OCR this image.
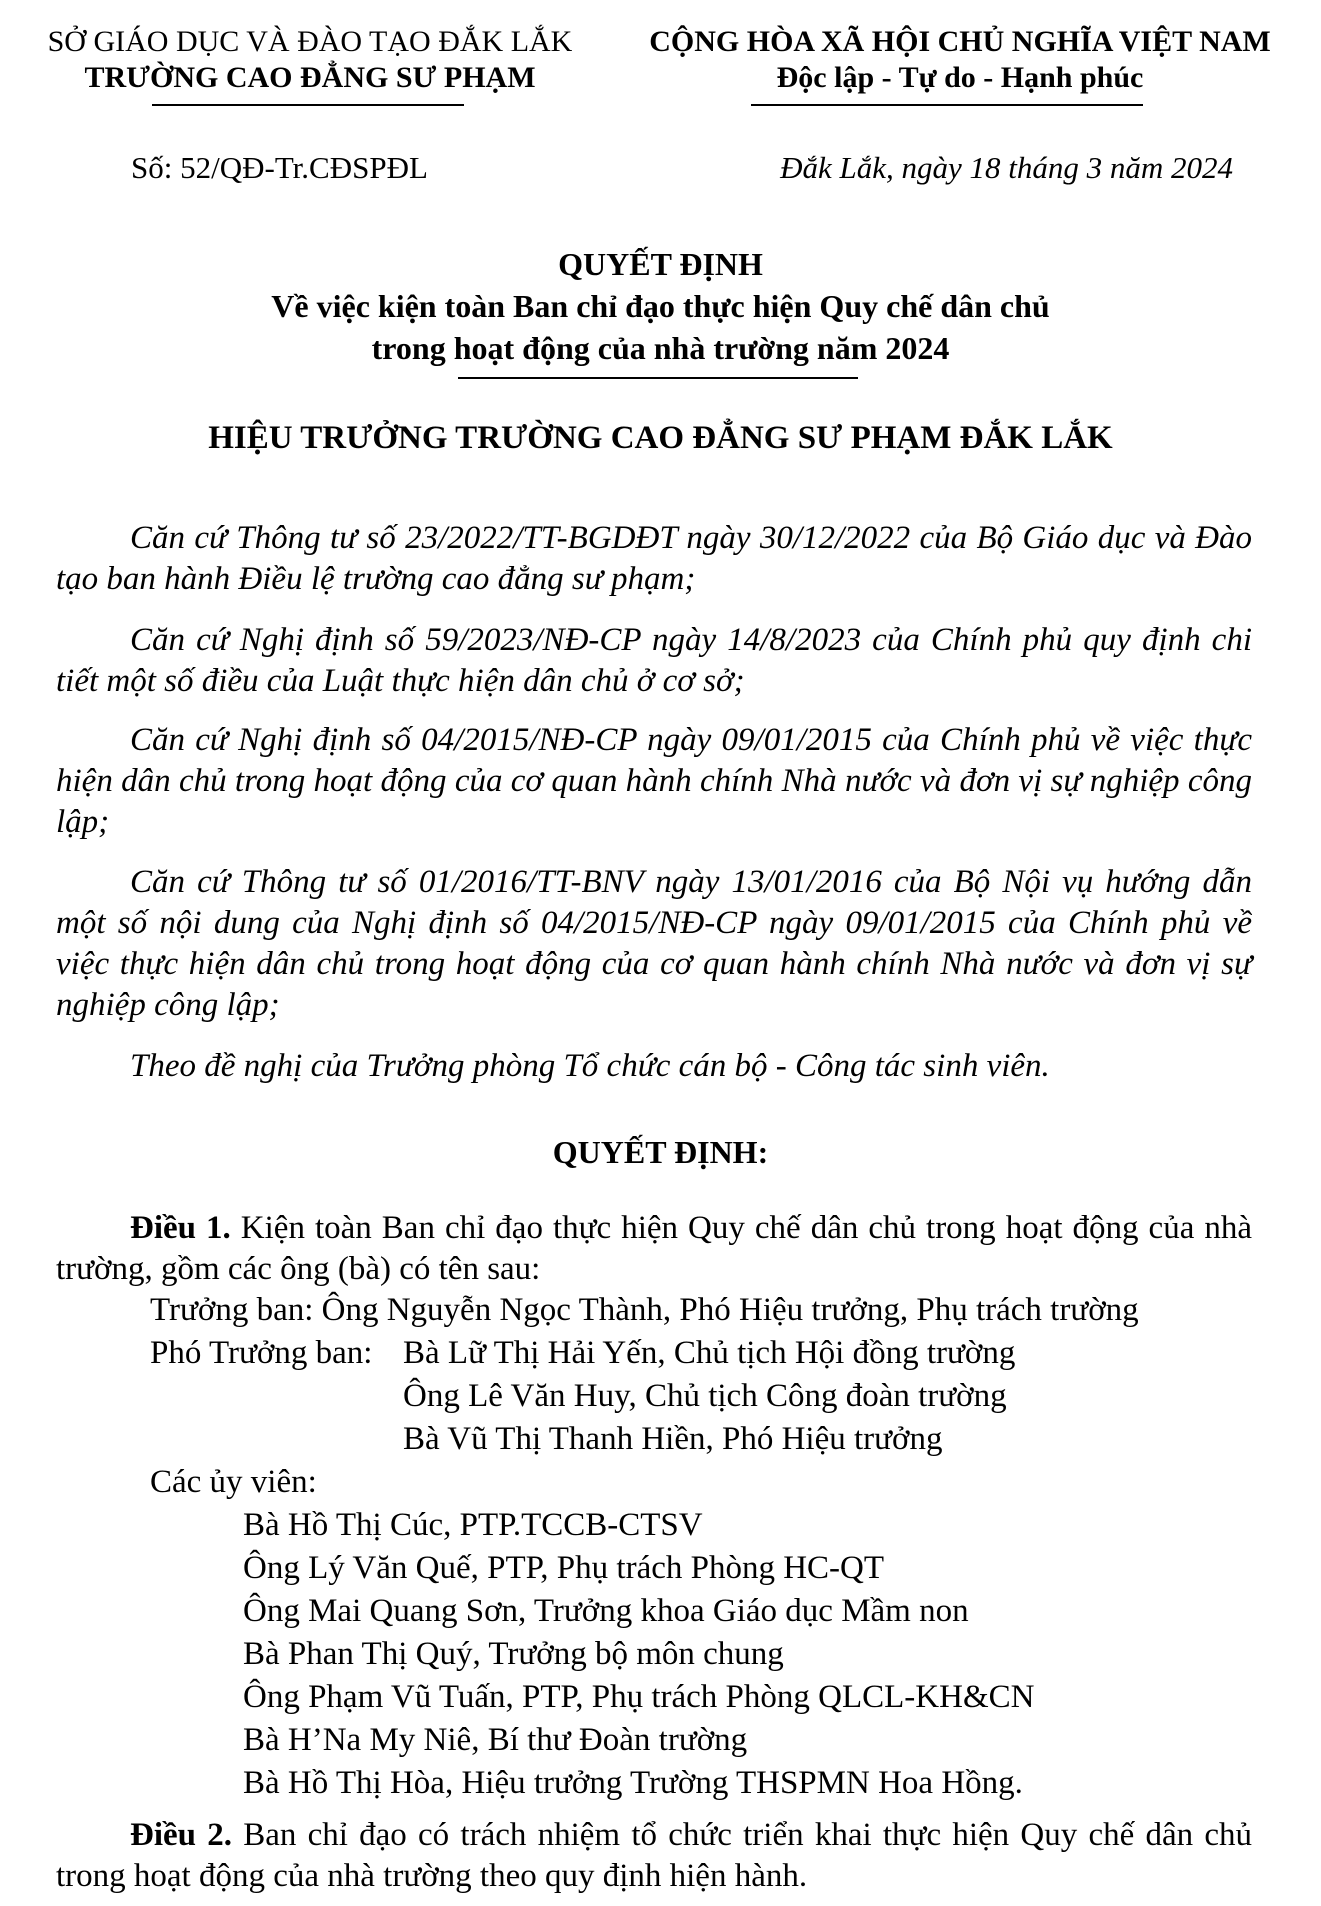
SỞ GIÁO DỤC VÀ ĐÀO TẠO ĐẮK LẮK
TRƯỜNG CAO ĐẲNG SƯ PHẠM
CỘNG HÒA XÃ HỘI CHỦ NGHĨA VIỆT NAM
Độc lập - Tự do - Hạnh phúc
Số: 52/QĐ-Tr.CĐSPĐL	Đắk Lắk, ngày 18 tháng 3 năm 2024
QUYẾT ĐỊNH
Về việc kiện toàn Ban chỉ đạo thực hiện Quy chế dân chủ
trong hoạt động của nhà trường năm 2024
HIỆU TRƯỞNG TRƯỜNG CAO ĐẲNG SƯ PHẠM ĐẮK LẮK
Căn cứ Thông tư số 23/2022/TT-BGDĐT ngày 30/12/2022 của Bộ Giáo dục và Đào tạo ban hành Điều lệ trường cao đẳng sư phạm;
Căn cứ Nghị định số 59/2023/NĐ-CP ngày 14/8/2023 của Chính phủ quy định chi tiết một số điều của Luật thực hiện dân chủ ở cơ sở;
Căn cứ Nghị định số 04/2015/NĐ-CP ngày 09/01/2015 của Chính phủ về việc thực hiện dân chủ trong hoạt động của cơ quan hành chính Nhà nước và đơn vị sự nghiệp công lập;
Căn cứ Thông tư số 01/2016/TT-BNV ngày 13/01/2016 của Bộ Nội vụ hướng dẫn một số nội dung của Nghị định số 04/2015/NĐ-CP ngày 09/01/2015 của Chính phủ về việc thực hiện dân chủ trong hoạt động của cơ quan hành chính Nhà nước và đơn vị sự nghiệp công lập;
Theo đề nghị của Trưởng phòng Tổ chức cán bộ - Công tác sinh viên.
QUYẾT ĐỊNH:
Điều 1. Kiện toàn Ban chỉ đạo thực hiện Quy chế dân chủ trong hoạt động của nhà trường, gồm các ông (bà) có tên sau:
Trưởng ban: Ông Nguyễn Ngọc Thành, Phó Hiệu trưởng, Phụ trách trường
Phó Trưởng ban: Bà Lữ Thị Hải Yến, Chủ tịch Hội đồng trường
Ông Lê Văn Huy, Chủ tịch Công đoàn trường
Bà Vũ Thị Thanh Hiền, Phó Hiệu trưởng
Các ủy viên:
Bà Hồ Thị Cúc, PTP.TCCB-CTSV
Ông Lý Văn Quế, PTP, Phụ trách Phòng HC-QT
Ông Mai Quang Sơn, Trưởng khoa Giáo dục Mầm non
Bà Phan Thị Quý, Trưởng bộ môn chung
Ông Phạm Vũ Tuấn, PTP, Phụ trách Phòng QLCL-KH&CN
Bà H’Na My Niê, Bí thư Đoàn trường
Bà Hồ Thị Hòa, Hiệu trưởng Trường THSPMN Hoa Hồng.
Điều 2. Ban chỉ đạo có trách nhiệm tổ chức triển khai thực hiện Quy chế dân chủ trong hoạt động của nhà trường theo quy định hiện hành.
